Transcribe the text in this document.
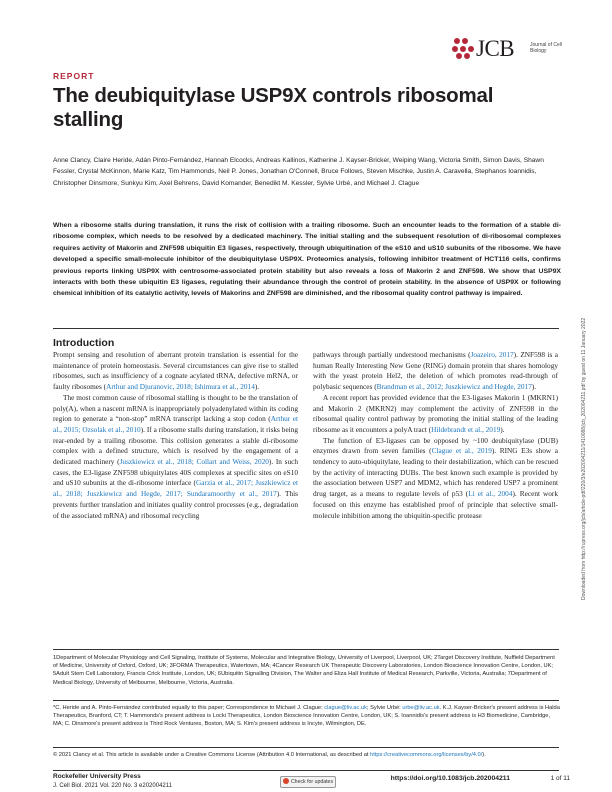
JCB	Journal of Cell Biology
REPORT
The deubiquitylase USP9X controls ribosomal stalling
Anne Clancy, Claire Heride, Adán Pinto-Fernández, Hannah Elcocks, Andreas Kallinos, Katherine J. Kayser-Bricker, Weiping Wang, Victoria Smith, Simon Davis, Shawn Fessler, Crystal McKinnon, Marie Katz, Tim Hammonds, Neil P. Jones, Jonathan O'Connell, Bruce Follows, Steven Mischke, Justin A. Caravella, Stephanos Ioannidis, Christopher Dinsmore, Sunkyu Kim, Axel Behrens, David Komander, Benedikt M. Kessler, Sylvie Urbé, and Michael J. Clague
When a ribosome stalls during translation, it runs the risk of collision with a trailing ribosome. Such an encounter leads to the formation of a stable di-ribosome complex, which needs to be resolved by a dedicated machinery. The initial stalling and the subsequent resolution of di-ribosomal complexes requires activity of Makorin and ZNF598 ubiquitin E3 ligases, respectively, through ubiquitination of the eS10 and uS10 subunits of the ribosome. We have developed a specific small-molecule inhibitor of the deubiquitylase USP9X. Proteomics analysis, following inhibitor treatment of HCT116 cells, confirms previous reports linking USP9X with centrosome-associated protein stability but also reveals a loss of Makorin 2 and ZNF598. We show that USP9X interacts with both these ubiquitin E3 ligases, regulating their abundance through the control of protein stability. In the absence of USP9X or following chemical inhibition of its catalytic activity, levels of Makorins and ZNF598 are diminished, and the ribosomal quality control pathway is impaired.
Downloaded from http://rupress.org/jcb/article-pdf/220/3/e202004211/1410088/jcb_202004211.pdf by guest on 11 January 2022
Introduction

Prompt sensing and resolution of aberrant protein translation is essential for the maintenance of protein homeostasis. Several circumstances can give rise to stalled ribosomes, such as insufficiency of a cognate acylated tRNA, defective mRNA, or faulty ribosomes (Arthur and Djuranovic, 2018; Ishimura et al., 2014).

The most common cause of ribosomal stalling is thought to be the translation of poly(A), when a nascent mRNA is inappropriately polyadenylated within its coding region to generate a “non-stop” mRNA transcript lacking a stop codon (Arthur et al., 2015; Ozsolak et al., 2010). If a ribosome stalls during translation, it risks being rear-ended by a trailing ribosome. This collision generates a stable di-ribosome complex with a defined structure, which is resolved by the engagement of a dedicated machinery (Juszkiewicz et al., 2018; Collart and Weiss, 2020). In such cases, the E3-ligase ZNF598 ubiquitylates 40S complexes at specific sites on eS10 and uS10 subunits at the di-ribosome interface (Garzia et al., 2017; Juszkiewicz et al., 2018; Juszkiewicz and Hegde, 2017; Sundaramoorthy et al., 2017). This prevents further translation and initiates quality control processes (e.g., degradation of the associated mRNA) and ribosomal recycling

pathways through partially understood mechanisms (Joazeiro, 2017). ZNF598 is a human Really Interesting New Gene (RING) domain protein that shares homology with the yeast protein Hel2, the deletion of which promotes read-through of polybasic sequences (Brandman et al., 2012; Juszkiewicz and Hegde, 2017).

A recent report has provided evidence that the E3-ligases Makorin 1 (MKRN1) and Makorin 2 (MKRN2) may complement the activity of ZNF598 in the ribosomal quality control pathway by promoting the initial stalling of the leading ribosome as it encounters a polyA tract (Hildebrandt et al., 2019).

The function of E3-ligases can be opposed by ~100 deubiquitylase (DUB) enzymes drawn from seven families (Clague et al., 2019). RING E3s show a tendency to auto-ubiquitylate, leading to their destabilization, which can be rescued by the activity of interacting DUBs. The best known such example is provided by the association between USP7 and MDM2, which has rendered USP7 a prominent drug target, as a means to regulate levels of p53 (Li et al., 2004). Recent work focused on this enzyme has established proof of principle that selective small-molecule inhibition among the ubiquitin-specific protease

1Department of Molecular Physiology and Cell Signaling, Institute of Systems, Molecular and Integrative Biology, University of Liverpool, Liverpool, UK; 2Target Discovery Institute, Nuffield Department of Medicine, University of Oxford, Oxford, UK; 3FORMA Therapeutics, Watertown, MA; 4Cancer Research UK Therapeutic Discovery Laboratories, London Bioscience Innovation Centre, London, UK; 5Adult Stem Cell Laboratory, Francis Crick Institute, London, UK; 6Ubiquitin Signalling Division, The Walter and Eliza Hall Institute of Medical Research, Parkville, Victoria, Australia; 7Department of Medical Biology, University of Melbourne, Melbourne, Victoria, Australia.
*C. Heride and A. Pinto-Fernández contributed equally to this paper; Correspondence to Michael J. Clague: clague@liv.ac.uk; Sylvie Urbé: urbe@liv.ac.uk. K.J. Kayser-Bricker's present address is Halda Therapeutics, Branford, CT; T. Hammonds's present address is Locki Therapeutics, London Bioscience Innovation Centre, London, UK; S. Ioannidis's present address is H3 Biomedicine, Cambridge, MA; C. Dinsmore's present address is Third Rock Ventures, Boston, MA; S. Kim's present address is Incyte, Wilmington, DE.
© 2021 Clancy et al. This article is available under a Creative Commons License (Attribution 4.0 International, as described at https://creativecommons.org/licenses/by/4.0/).
Rockefeller University Press
J. Cell Biol. 2021 Vol. 220 No. 3 e202004211
Check for updates	https://doi.org/10.1083/jcb.202004211	1 of 11
